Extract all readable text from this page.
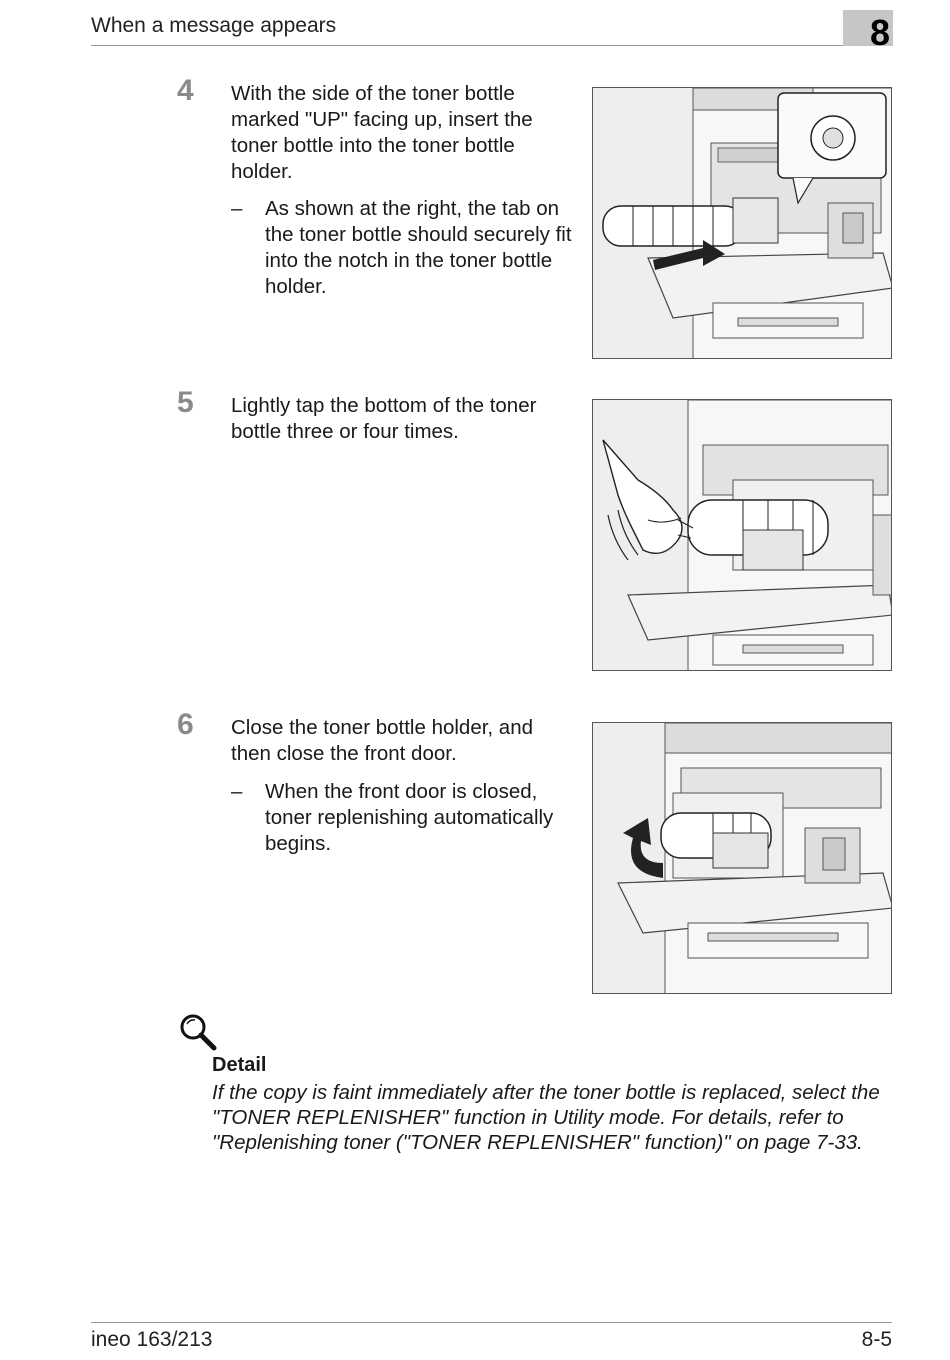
When a message appears	8
4 With the side of the toner bottle marked "UP" facing up, insert the toner bottle into the toner bottle holder.
– As shown at the right, the tab on the toner bottle should securely fit into the notch in the toner bottle holder.
5 Lightly tap the bottom of the toner bottle three or four times.
6 Close the toner bottle holder, and then close the front door.
– When the front door is closed, toner replenishing automatically begins.
Detail
If the copy is faint immediately after the toner bottle is replaced, select the "TONER REPLENISHER" function in Utility mode. For details, refer to "Replenishing toner ("TONER REPLENISHER" function)" on page 7-33.
ineo 163/213	8-5
